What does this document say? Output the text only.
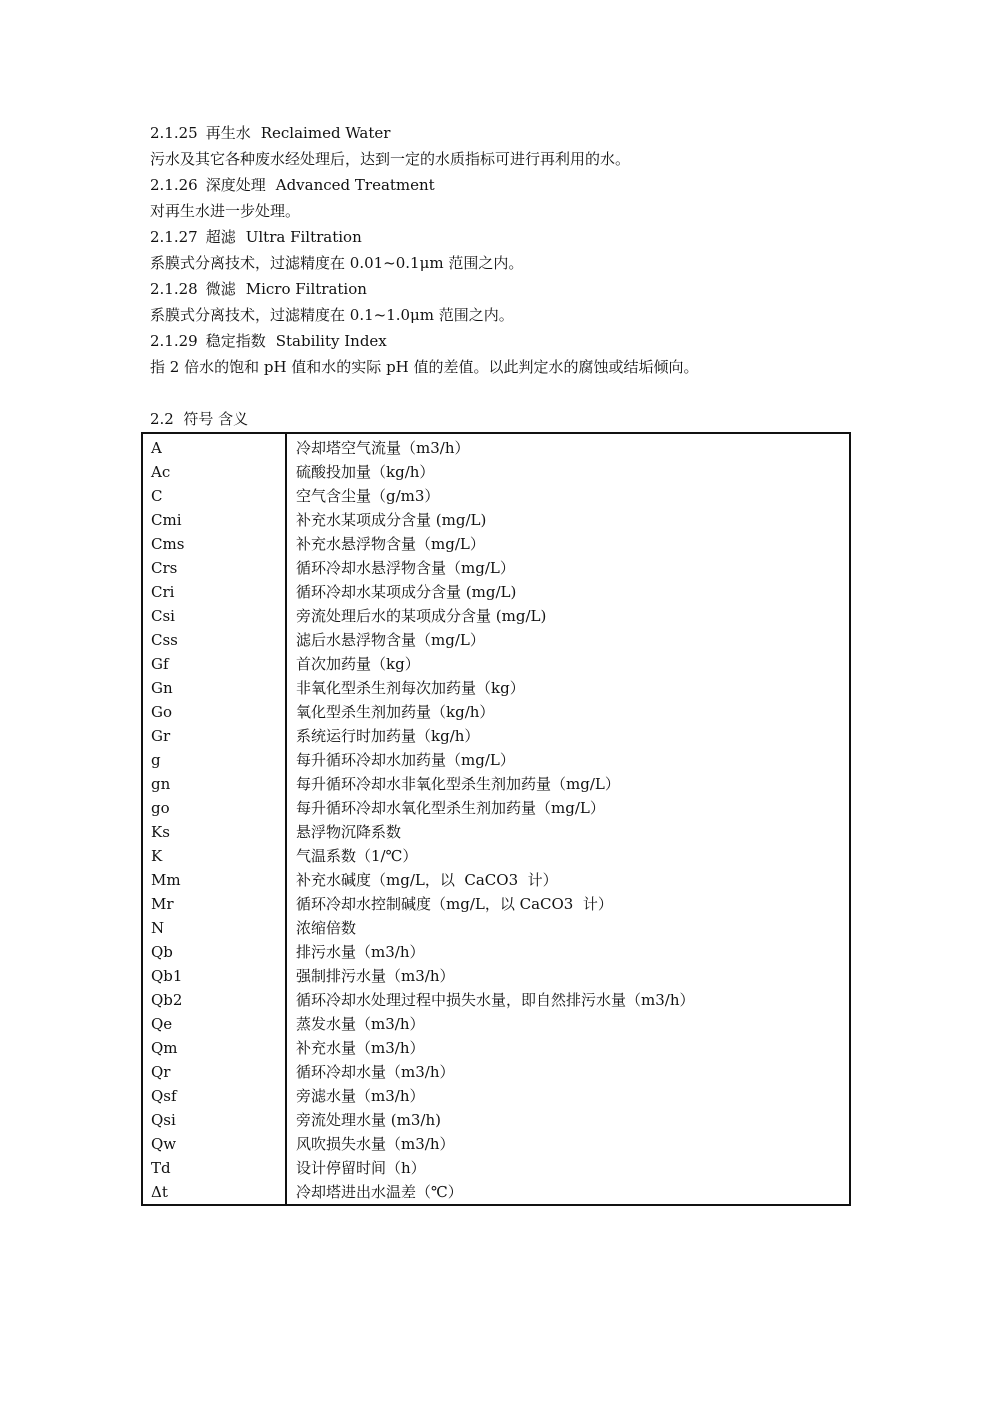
2.1.25 再生水 Reclaimed Water
污水及其它各种废水经处理后，达到一定的水质指标可进行再利用的水。
2.1.26 深度处理 Advanced Treatment
对再生水进一步处理。
2.1.27 超滤 Ultra Filtration
系膜式分离技术，过滤精度在 0.01~0.1μm 范围之内。
2.1.28 微滤 Micro Filtration
系膜式分离技术，过滤精度在 0.1~1.0μm 范围之内。
2.1.29 稳定指数 Stability Index
指 2 倍水的饱和 pH 值和水的实际 pH 值的差值。以此判定水的腐蚀或结垢倾向。
2.2  符号 含义
A	冷却塔空气流量（m3/h）
Ac	硫酸投加量（kg/h）
C	空气含尘量（g/m3）
Cmi	补充水某项成分含量 (mg/L)
Cms	补充水悬浮物含量（mg/L）
Crs	循环冷却水悬浮物含量（mg/L）
Cri	循环冷却水某项成分含量 (mg/L)
Csi	旁流处理后水的某项成分含量 (mg/L)
Css	滤后水悬浮物含量（mg/L）
Gf	首次加药量（kg）
Gn	非氧化型杀生剂每次加药量（kg）
Go	氧化型杀生剂加药量（kg/h）
Gr	系统运行时加药量（kg/h）
g	每升循环冷却水加药量（mg/L）
gn	每升循环冷却水非氧化型杀生剂加药量（mg/L）
go	每升循环冷却水氧化型杀生剂加药量（mg/L）
Ks	悬浮物沉降系数
K	气温系数（1/℃）
Mm	补充水碱度（mg/L，以  CaCO3  计）
Mr	循环冷却水控制碱度（mg/L，以 CaCO3  计）
N	浓缩倍数
Qb	排污水量（m3/h）
Qb1	强制排污水量（m3/h）
Qb2	循环冷却水处理过程中损失水量，即自然排污水量（m3/h）
Qe	蒸发水量（m3/h）
Qm	补充水量（m3/h）
Qr	循环冷却水量（m3/h）
Qsf	旁滤水量（m3/h）
Qsi	旁流处理水量 (m3/h)
Qw	风吹损失水量（m3/h）
Td	设计停留时间（h）
Δt	冷却塔进出水温差（℃）
